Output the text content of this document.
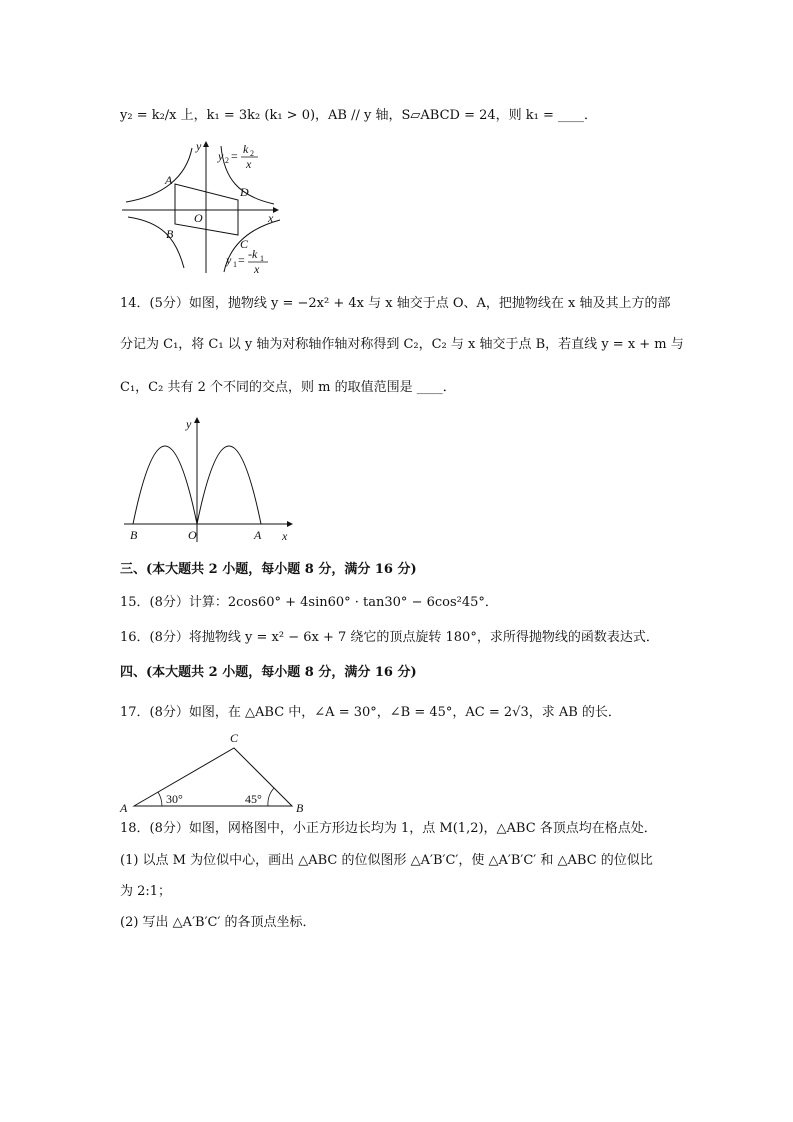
y₂ = k₂/x 上，k₁ = 3k₂ (k₁ > 0)，AB // y 轴，S▱ABCD = 24，则 k₁ = ____．
y
x
O
A
B
C
D
y 2 = k 2
x
y 1 = -k 1
x
14．(5分）如图，抛物线 y = −2x² + 4x 与 x 轴交于点 O、A，把抛物线在 x 轴及其上方的部
分记为 C₁，将 C₁ 以 y 轴为对称轴作轴对称得到 C₂，C₂ 与 x 轴交于点 B，若直线 y = x + m 与
C₁，C₂ 共有 2 个不同的交点，则 m 的取值范围是 ____．
y
x
O	A
B
三、(本大题共 2 小题，每小题 8 分，满分 16 分)
15．(8分）计算：2cos60° + 4sin60° · tan30° − 6cos²45°．
16．(8分）将抛物线 y = x² − 6x + 7 绕它的顶点旋转 180°，求所得抛物线的函数表达式．
四、(本大题共 2 小题，每小题 8 分，满分 16 分)
17．(8分）如图，在 △ABC 中，∠A = 30°，∠B = 45°，AC = 2√3，求 AB 的长．
A	B
C
30°	45°
18．(8分）如图，网格图中，小正方形边长均为 1，点 M(1,2)，△ABC 各顶点均在格点处．
(1) 以点 M 为位似中心，画出 △ABC 的位似图形 △A′B′C′，使 △A′B′C′ 和 △ABC 的位似比
为 2:1；
(2) 写出 △A′B′C′ 的各顶点坐标．
